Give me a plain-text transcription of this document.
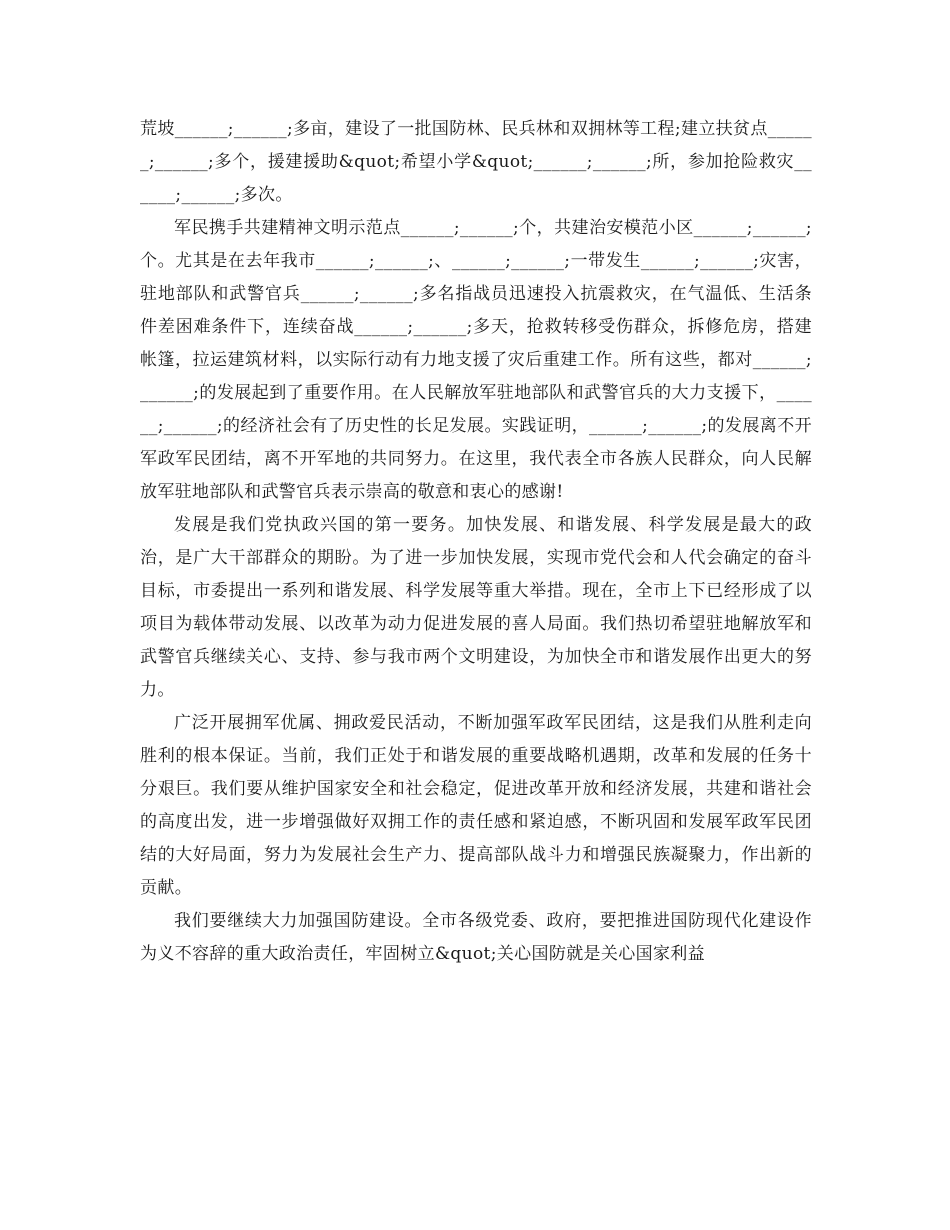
荒坡______;______;多亩，建设了一批国防林、民兵林和双拥林等工程;建立扶贫点______;______;多个，援建援助&quot;希望小学&quot;______;______;所，参加抢险救灾______;______;多次。

军民携手共建精神文明示范点______;______;个，共建治安模范小区______;______;个。尤其是在去年我市______;______;、______;______;一带发生______;______;灾害，驻地部队和武警官兵______;______;多名指战员迅速投入抗震救灾，在气温低、生活条件差困难条件下，连续奋战______;______;多天，抢救转移受伤群众，拆修危房，搭建帐篷，拉运建筑材料，以实际行动有力地支援了灾后重建工作。所有这些，都对______;______;的发展起到了重要作用。在人民解放军驻地部队和武警官兵的大力支援下，______;______;的经济社会有了历史性的长足发展。实践证明，______;______;的发展离不开军政军民团结，离不开军地的共同努力。在这里，我代表全市各族人民群众，向人民解放军驻地部队和武警官兵表示崇高的敬意和衷心的感谢!

发展是我们党执政兴国的第一要务。加快发展、和谐发展、科学发展是最大的政治，是广大干部群众的期盼。为了进一步加快发展，实现市党代会和人代会确定的奋斗目标，市委提出一系列和谐发展、科学发展等重大举措。现在，全市上下已经形成了以项目为载体带动发展、以改革为动力促进发展的喜人局面。我们热切希望驻地解放军和武警官兵继续关心、支持、参与我市两个文明建设，为加快全市和谐发展作出更大的努力。

广泛开展拥军优属、拥政爱民活动，不断加强军政军民团结，这是我们从胜利走向胜利的根本保证。当前，我们正处于和谐发展的重要战略机遇期，改革和发展的任务十分艰巨。我们要从维护国家安全和社会稳定，促进改革开放和经济发展，共建和谐社会的高度出发，进一步增强做好双拥工作的责任感和紧迫感，不断巩固和发展军政军民团结的大好局面，努力为发展社会生产力、提高部队战斗力和增强民族凝聚力，作出新的贡献。

我们要继续大力加强国防建设。全市各级党委、政府，要把推进国防现代化建设作为义不容辞的重大政治责任，牢固树立&quot;关心国防就是关心国家利益
